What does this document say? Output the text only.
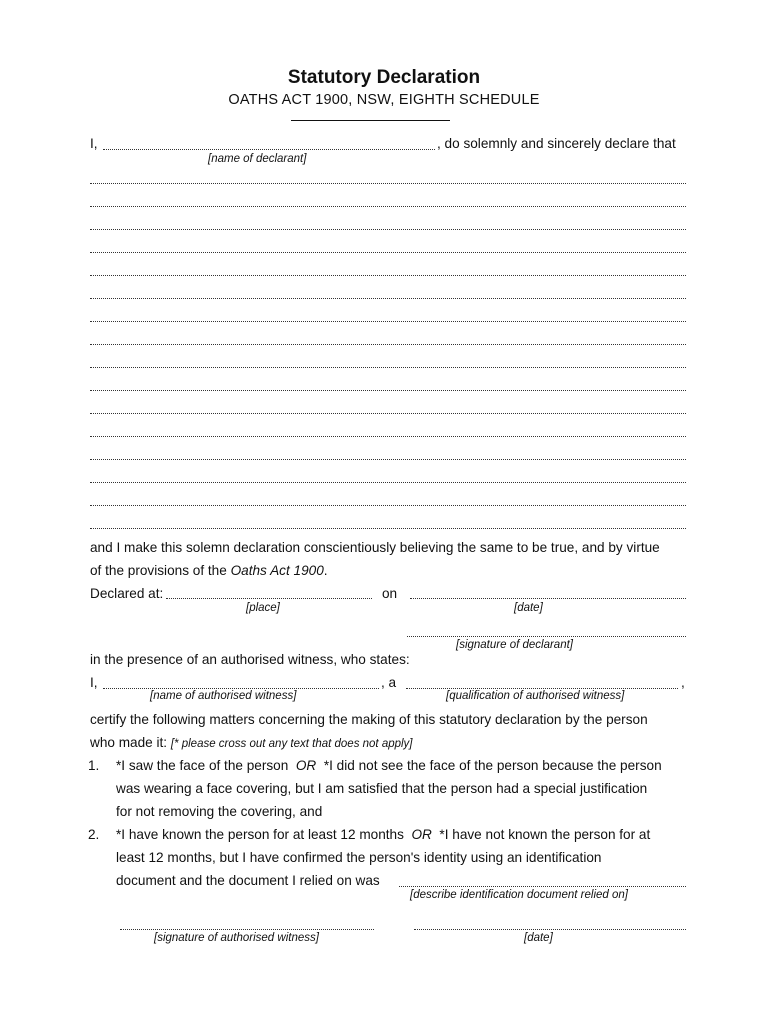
Statutory Declaration
OATHS ACT 1900, NSW, EIGHTH SCHEDULE
I,	, do solemnly and sincerely declare that
[name of declarant]
and I make this solemn declaration conscientiously believing the same to be true, and by virtue
of the provisions of the Oaths Act 1900.
Declared at:	on
[place]	[date]
[signature of declarant]
in the presence of an authorised witness, who states:
I,	, a	,
[name of authorised witness]	[qualification of authorised witness]
certify the following matters concerning the making of this statutory declaration by the person
who made it: [* please cross out any text that does not apply]
1. *I saw the face of the person OR *I did not see the face of the person because the person
was wearing a face covering, but I am satisfied that the person had a special justification
for not removing the covering, and
2. *I have known the person for at least 12 months OR *I have not known the person for at
least 12 months, but I have confirmed the person's identity using an identification
document and the document I relied on was
[describe identification document relied on]
[signature of authorised witness]	[date]
